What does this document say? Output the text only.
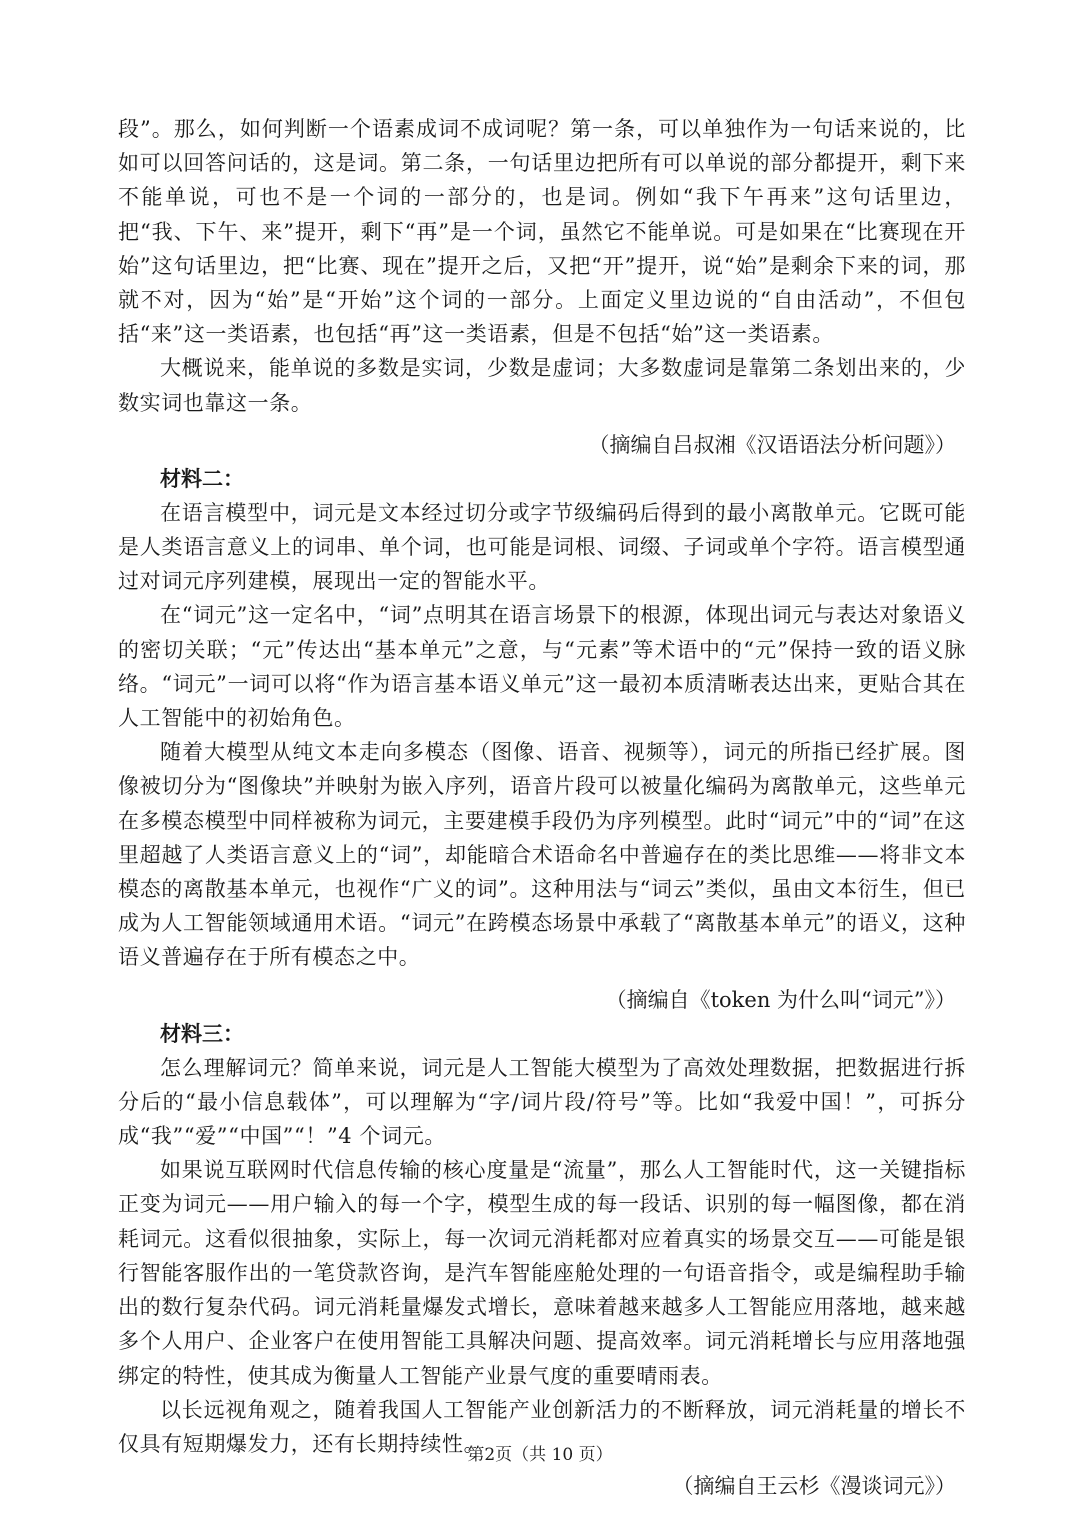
段”。那么，如何判断一个语素成词不成词呢？第一条，可以单独作为一句话来说的，比如可以回答问话的，这是词。第二条，一句话里边把所有可以单说的部分都提开，剩下来不能单说，可也不是一个词的一部分的，也是词。例如“我下午再来”这句话里边，把“我、下午、来”提开，剩下“再”是一个词，虽然它不能单说。可是如果在“比赛现在开始”这句话里边，把“比赛、现在”提开之后，又把“开”提开，说“始”是剩余下来的词，那就不对，因为“始”是“开始”这个词的一部分。上面定义里边说的“自由活动”，不但包括“来”这一类语素，也包括“再”这一类语素，但是不包括“始”这一类语素。

大概说来，能单说的多数是实词，少数是虚词；大多数虚词是靠第二条划出来的，少数实词也靠这一条。

（摘编自吕叔湘《汉语语法分析问题》）

材料二：

在语言模型中，词元是文本经过切分或字节级编码后得到的最小离散单元。它既可能是人类语言意义上的词串、单个词，也可能是词根、词缀、子词或单个字符。语言模型通过对词元序列建模，展现出一定的智能水平。

在“词元”这一定名中，“词”点明其在语言场景下的根源，体现出词元与表达对象语义的密切关联；“元”传达出“基本单元”之意，与“元素”等术语中的“元”保持一致的语义脉络。“词元”一词可以将“作为语言基本语义单元”这一最初本质清晰表达出来，更贴合其在人工智能中的初始角色。

随着大模型从纯文本走向多模态（图像、语音、视频等），词元的所指已经扩展。图像被切分为“图像块”并映射为嵌入序列，语音片段可以被量化编码为离散单元，这些单元在多模态模型中同样被称为词元，主要建模手段仍为序列模型。此时“词元”中的“词”在这里超越了人类语言意义上的“词”，却能暗合术语命名中普遍存在的类比思维——将非文本模态的离散基本单元，也视作“广义的词”。这种用法与“词云”类似，虽由文本衍生，但已成为人工智能领域通用术语。“词元”在跨模态场景中承载了“离散基本单元”的语义，这种语义普遍存在于所有模态之中。

（摘编自《token 为什么叫“词元”》）

材料三：

怎么理解词元？简单来说，词元是人工智能大模型为了高效处理数据，把数据进行拆分后的“最小信息载体”，可以理解为“字/词片段/符号”等。比如“我爱中国！”，可拆分成“我”“爱”“中国”“！”4 个词元。

如果说互联网时代信息传输的核心度量是“流量”，那么人工智能时代，这一关键指标正变为词元——用户输入的每一个字，模型生成的每一段话、识别的每一幅图像，都在消耗词元。这看似很抽象，实际上，每一次词元消耗都对应着真实的场景交互——可能是银行智能客服作出的一笔贷款咨询，是汽车智能座舱处理的一句语音指令，或是编程助手输出的数行复杂代码。词元消耗量爆发式增长，意味着越来越多人工智能应用落地，越来越多个人用户、企业客户在使用智能工具解决问题、提高效率。词元消耗增长与应用落地强绑定的特性，使其成为衡量人工智能产业景气度的重要晴雨表。

以长远视角观之，随着我国人工智能产业创新活力的不断释放，词元消耗量的增长不仅具有短期爆发力，还有长期持续性。

（摘编自王云杉《漫谈词元》）

第2页（共 10 页）
